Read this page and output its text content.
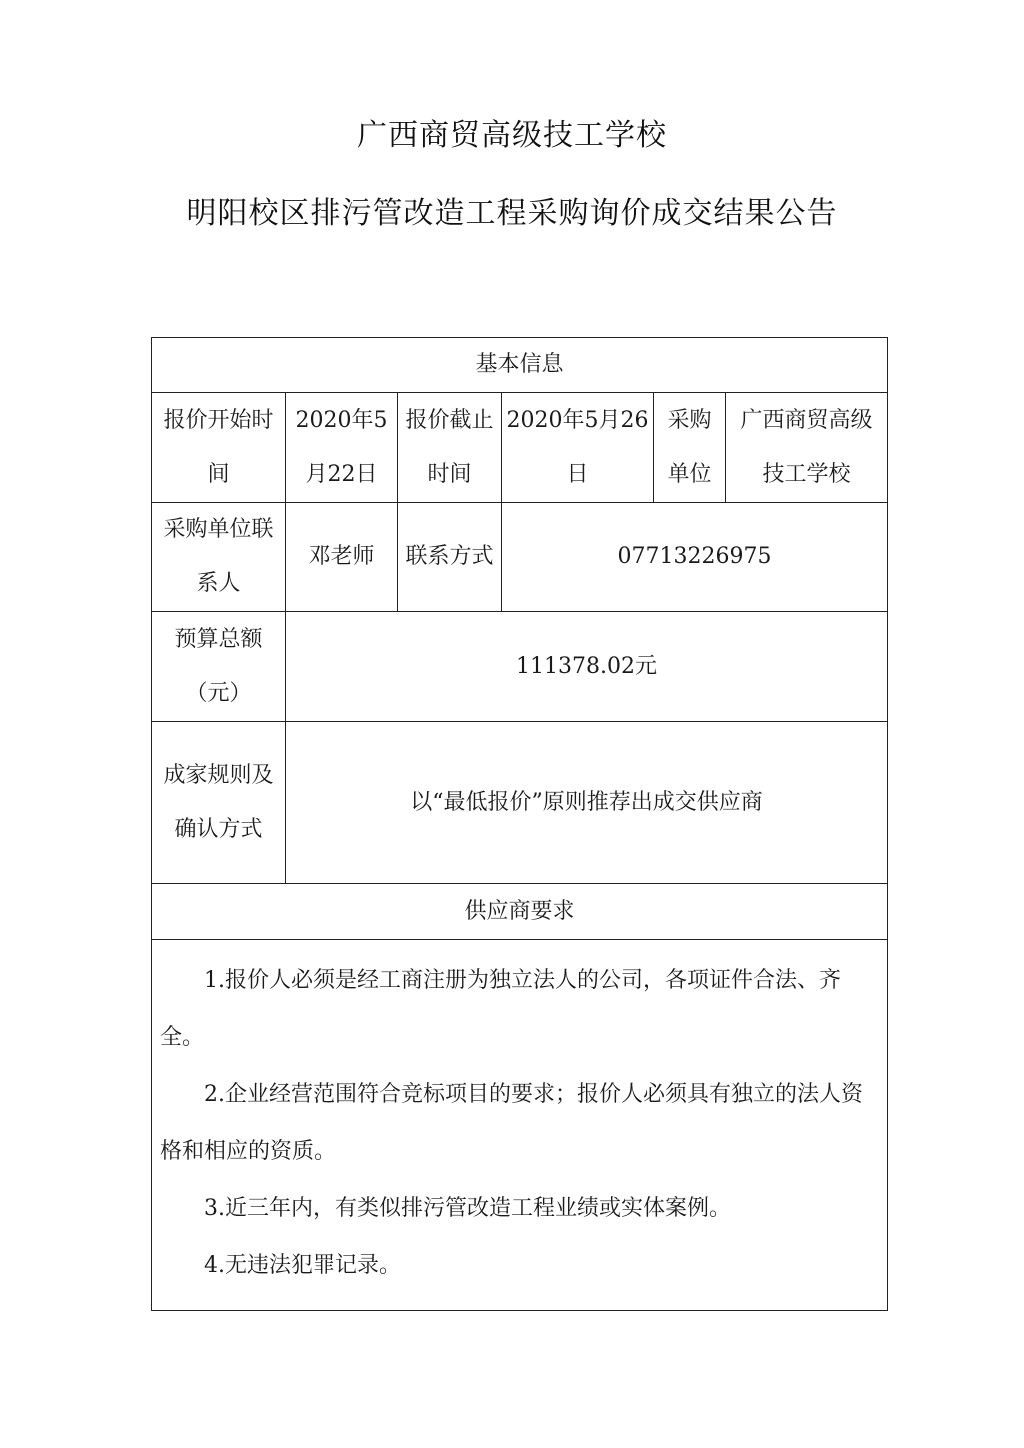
广西商贸高级技工学校
明阳校区排污管改造工程采购询价成交结果公告
基本信息					

报价开始时间	2020年5月22日	报价截止时间	2020年5月26日	采购单位	广西商贸高级技工学校

采购单位联系人	邓老师	联系方式	07713226975		

预算总额（元）	111378.02元				

成家规则及确认方式	以“最低报价”原则推荐出成交供应商				

供应商要求					

1.报价人必须是经工商注册为独立法人的公司，各项证件合法、齐全。
2.企业经营范围符合竞标项目的要求；报价人必须具有独立的法人资格和相应的资质。
3.近三年内，有类似排污管改造工程业绩或实体案例。
4.无违法犯罪记录。					
